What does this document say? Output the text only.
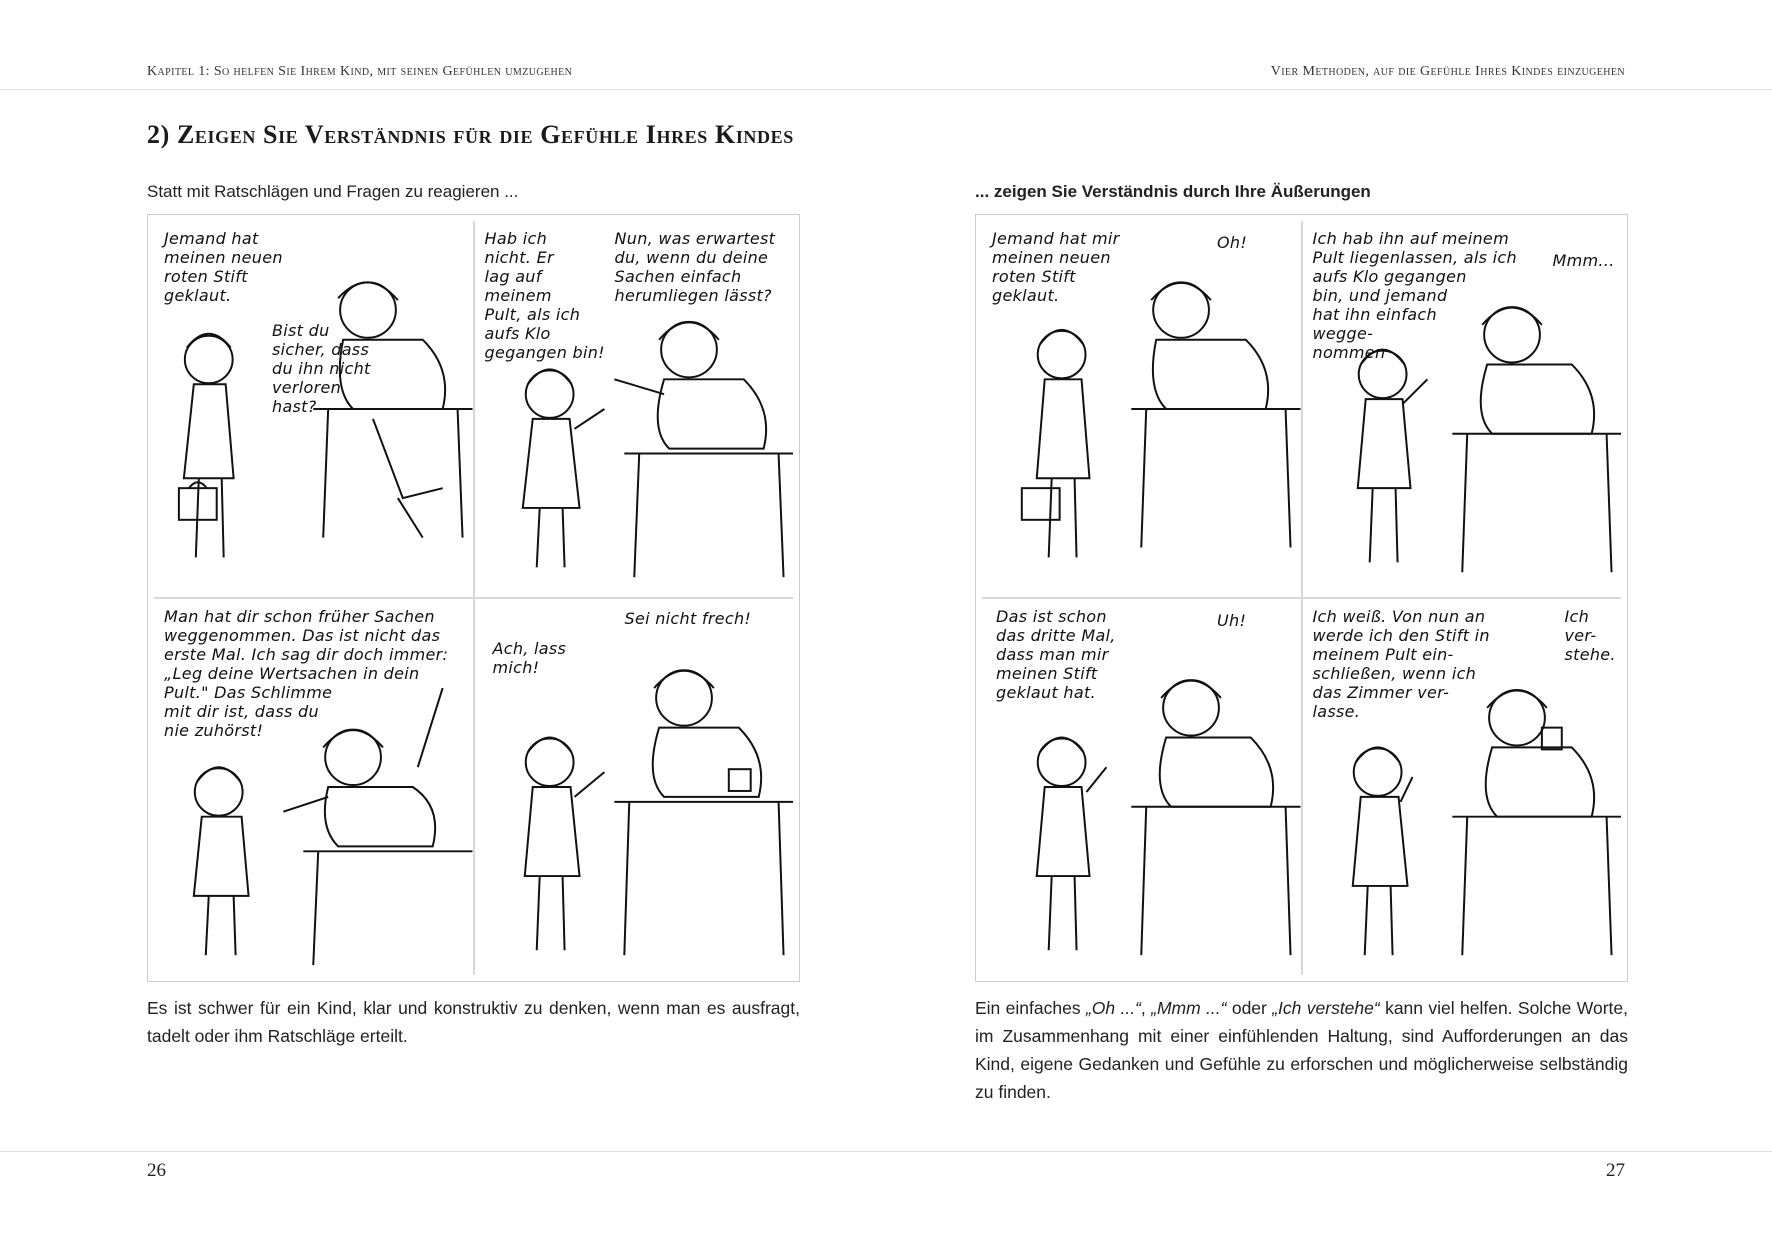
Kapitel 1: So helfen Sie Ihrem Kind, mit seinen Gefühlen umzugehen	Vier Methoden, auf die Gefühle Ihres Kindes einzugehen
2) Zeigen Sie Verständnis für die Gefühle Ihres Kindes
Statt mit Ratschlägen und Fragen zu reagieren ...	... zeigen Sie Verständnis durch Ihre Äußerungen
Jemand hat
meinen neuen
roten Stift
geklaut.
Bist du
sicher, dass
du ihn nicht
verloren
hast?
Hab ich
nicht. Er
lag auf
meinem
Pult, als ich
aufs Klo
gegangen bin!
Nun, was erwartest
du, wenn du deine
Sachen einfach
herumliegen lässt?
Man hat dir schon früher Sachen
weggenommen. Das ist nicht das
erste Mal. Ich sag dir doch immer:
„Leg deine Wertsachen in dein
Pult." Das Schlimme
mit dir ist, dass du
nie zuhörst!
Ach, lass
mich!
Sei nicht frech!
Jemand hat mir
meinen neuen
roten Stift
geklaut.
Oh!	Ich hab ihn auf meinem
Pult liegenlassen, als ich
aufs Klo gegangen
bin, und jemand
hat ihn einfach
wegge-
nommen
Mmm...
Das ist schon
das dritte Mal,
dass man mir
meinen Stift
geklaut hat.
Uh!	Ich weiß. Von nun an
werde ich den Stift in
meinem Pult ein-
schließen, wenn ich
das Zimmer ver-
lasse.
Ich
ver-
stehe.
Es ist schwer für ein Kind, klar und konstruktiv zu denken, wenn man es ausfragt, tadelt oder ihm Ratschläge erteilt.
Ein einfaches „Oh ...“, „Mmm ...“ oder „Ich verstehe“ kann viel helfen. Solche Worte, im Zusammenhang mit einer einfühlenden Haltung, sind Aufforderungen an das Kind, eigene Gedanken und Gefühle zu erforschen und möglicherweise selbständig zu finden.
26	27
